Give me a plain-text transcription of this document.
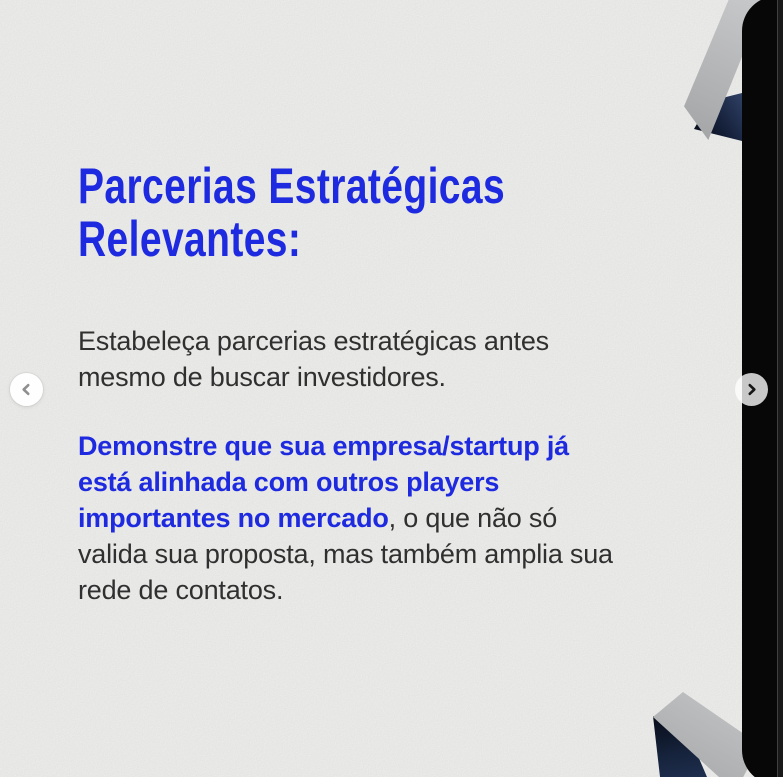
Parcerias Estratégicas
Relevantes:

Estabeleça parcerias estratégicas antes
mesmo de buscar investidores.

Demonstre que sua empresa/startup já
está alinhada com outros players
importantes no mercado, o que não só
valida sua proposta, mas também amplia sua
rede de contatos.
